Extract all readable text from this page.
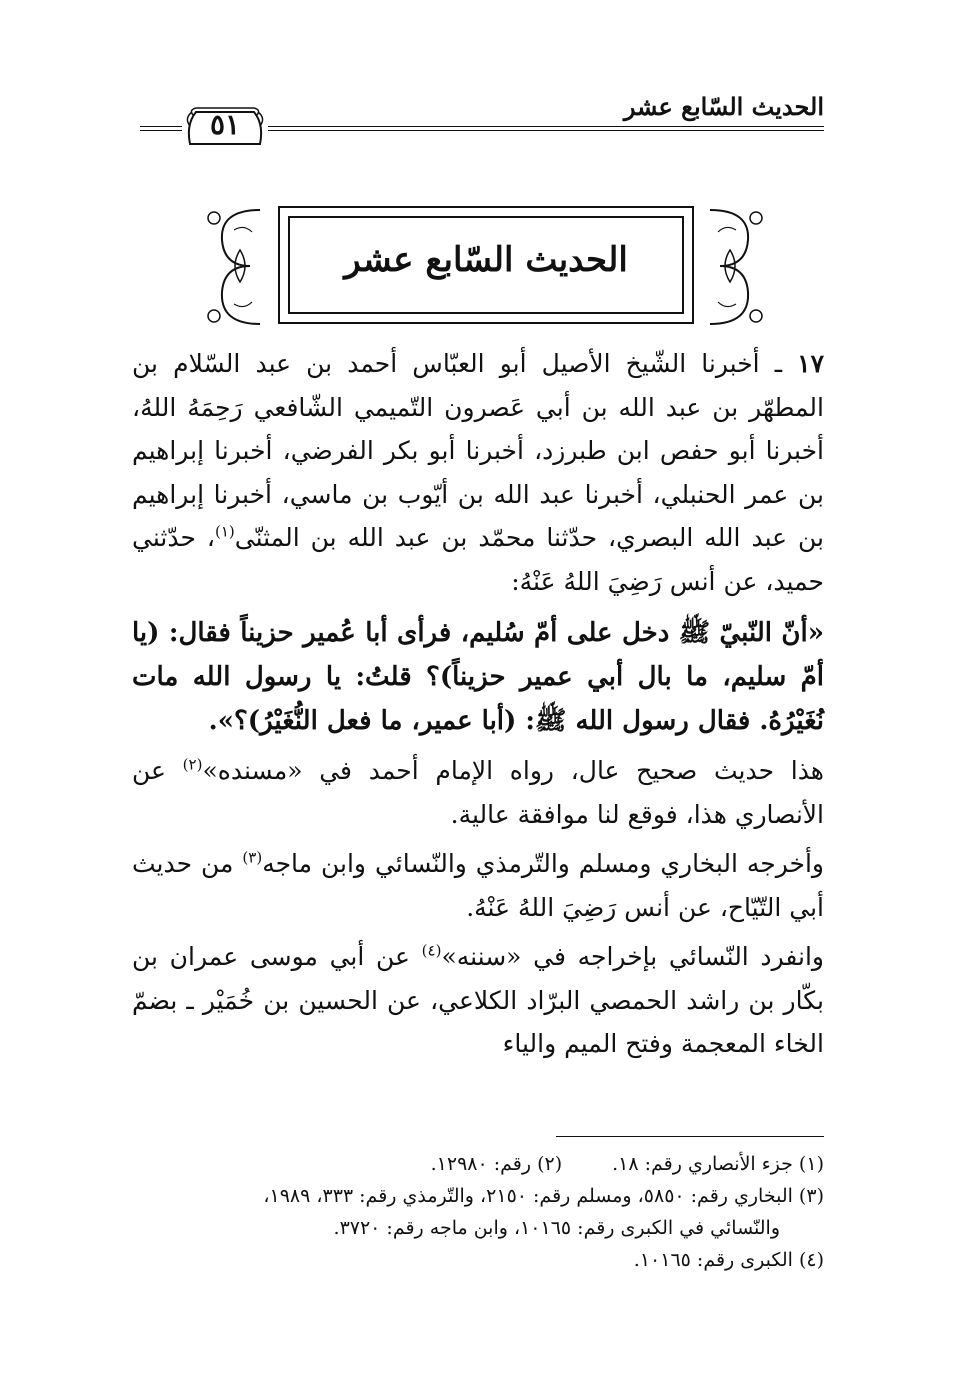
الحديث السّابع عشر
٥١
الحديث السّابع عشر

١٧ ـ أخبرنا الشّيخ الأصيل أبو العبّاس أحمد بن عبد السّلام بن المطهّر بن عبد الله بن أبي عَصرون التّميمي الشّافعي رَحِمَهُ اللهُ، أخبرنا أبو حفص ابن طبرزد، أخبرنا أبو بكر الفرضي، أخبرنا إبراهيم بن عمر الحنبلي، أخبرنا عبد الله بن أيّوب بن ماسي، أخبرنا إبراهيم بن عبد الله البصري، حدّثنا محمّد بن عبد الله بن المثنّى$^{(١)}$، حدّثني حميد، عن أنس رَضِيَ اللهُ عَنْهُ:

«أنّ النّبيّ ﷺ دخل على أمّ سُليم، فرأى أبا عُمير حزيناً فقال: (يا أمّ سليم، ما بال أبي عمير حزيناً)؟ قلتُ: يا رسول الله مات نُغَيْرُهُ. فقال رسول الله ﷺ: (أبا عمير، ما فعل النُّغَيْرُ)؟».

هذا حديث صحيح عال، رواه الإمام أحمد في «مسنده»$^{(٢)}$ عن الأنصاري هذا، فوقع لنا موافقة عالية.

وأخرجه البخاري ومسلم والتّرمذي والنّسائي وابن ماجه$^{(٣)}$ من حديث أبي التّيّاح، عن أنس رَضِيَ اللهُ عَنْهُ.

وانفرد النّسائي بإخراجه في «سننه»$^{(٤)}$ عن أبي موسى عمران بن بكّار بن راشد الحمصي البرّاد الكلاعي، عن الحسين بن خُمَيْر ـ بضمّ الخاء المعجمة وفتح الميم والياء

(١) جزء الأنصاري رقم: ١٨.(٢) رقم: ١٢٩٨٠.

(٣) البخاري رقم: ٥٨٥٠، ومسلم رقم: ٢١٥٠، والتّرمذي رقم: ٣٣٣، ١٩٨٩،

والنّسائي في الكبرى رقم: ١٠١٦٥، وابن ماجه رقم: ٣٧٢٠.

(٤) الكبرى رقم: ١٠١٦٥.
